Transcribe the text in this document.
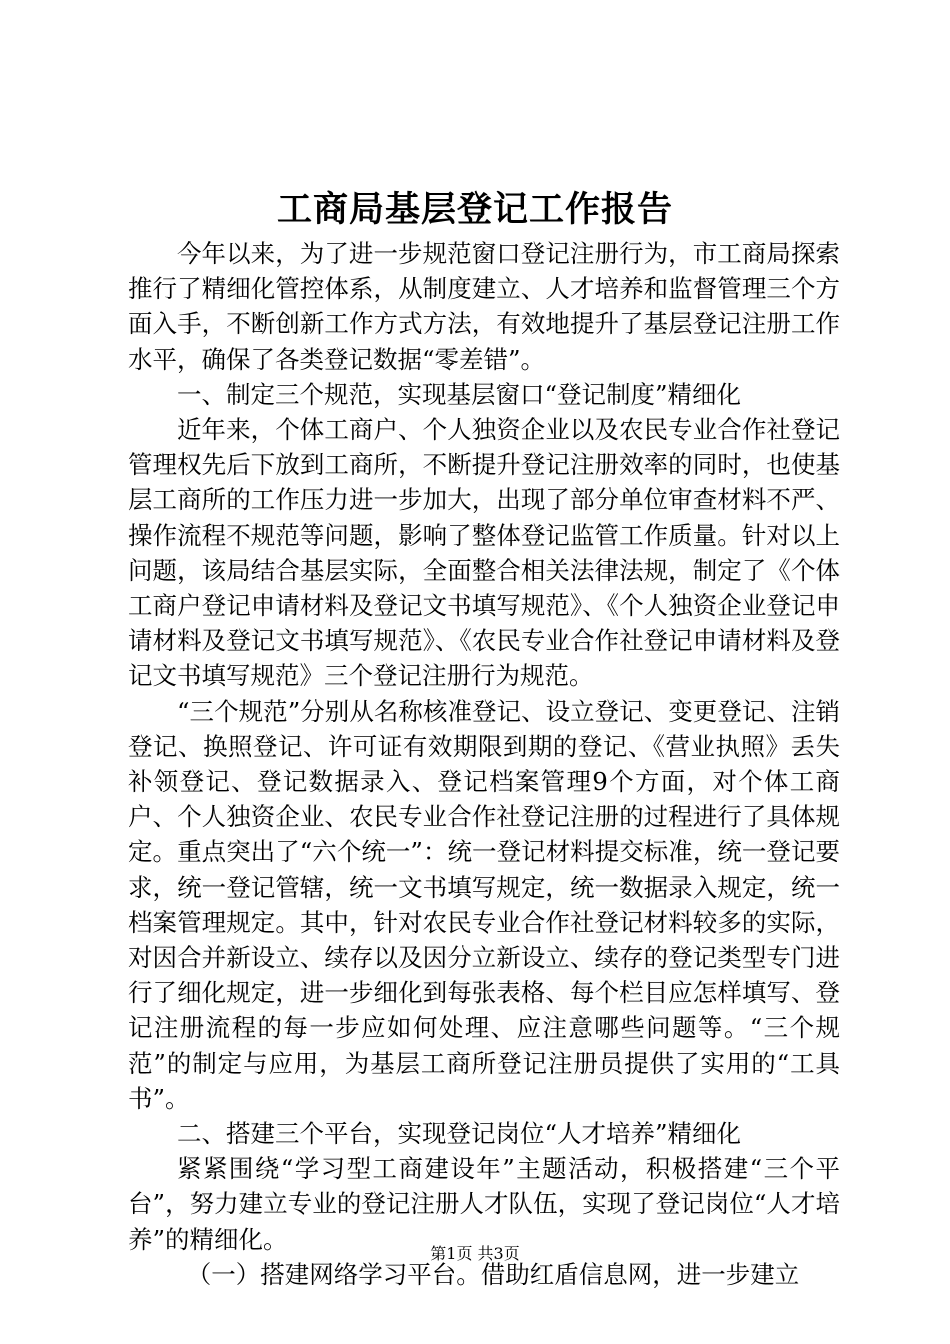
工商局基层登记工作报告

今年以来，为了进一步规范窗口登记注册行为，市工商局探索推行了精细化管控体系，从制度建立、人才培养和监督管理三个方面入手，不断创新工作方式方法，有效地提升了基层登记注册工作水平，确保了各类登记数据“零差错”。

一、制定三个规范，实现基层窗口“登记制度”精细化

近年来，个体工商户、个人独资企业以及农民专业合作社登记管理权先后下放到工商所，不断提升登记注册效率的同时，也使基层工商所的工作压力进一步加大，出现了部分单位审查材料不严、操作流程不规范等问题，影响了整体登记监管工作质量。针对以上问题，该局结合基层实际，全面整合相关法律法规，制定了《个体工商户登记申请材料及登记文书填写规范》、《个人独资企业登记申请材料及登记文书填写规范》、《农民专业合作社登记申请材料及登记文书填写规范》三个登记注册行为规范。

“三个规范”分别从名称核准登记、设立登记、变更登记、注销登记、换照登记、许可证有效期限到期的登记、《营业执照》丢失补领登记、登记数据录入、登记档案管理9个方面，对个体工商户、个人独资企业、农民专业合作社登记注册的过程进行了具体规定。重点突出了“六个统一”：统一登记材料提交标准，统一登记要求，统一登记管辖，统一文书填写规定，统一数据录入规定，统一档案管理规定。其中，针对农民专业合作社登记材料较多的实际，对因合并新设立、续存以及因分立新设立、续存的登记类型专门进行了细化规定，进一步细化到每张表格、每个栏目应怎样填写、登记注册流程的每一步应如何处理、应注意哪些问题等。“三个规范”的制定与应用，为基层工商所登记注册员提供了实用的“工具书”。

二、搭建三个平台，实现登记岗位“人才培养”精细化

紧紧围绕“学习型工商建设年”主题活动，积极搭建“三个平台”，努力建立专业的登记注册人才队伍，实现了登记岗位“人才培养”的精细化。

（一）搭建网络学习平台。借助红盾信息网，进一步建立

第1页 共3页
